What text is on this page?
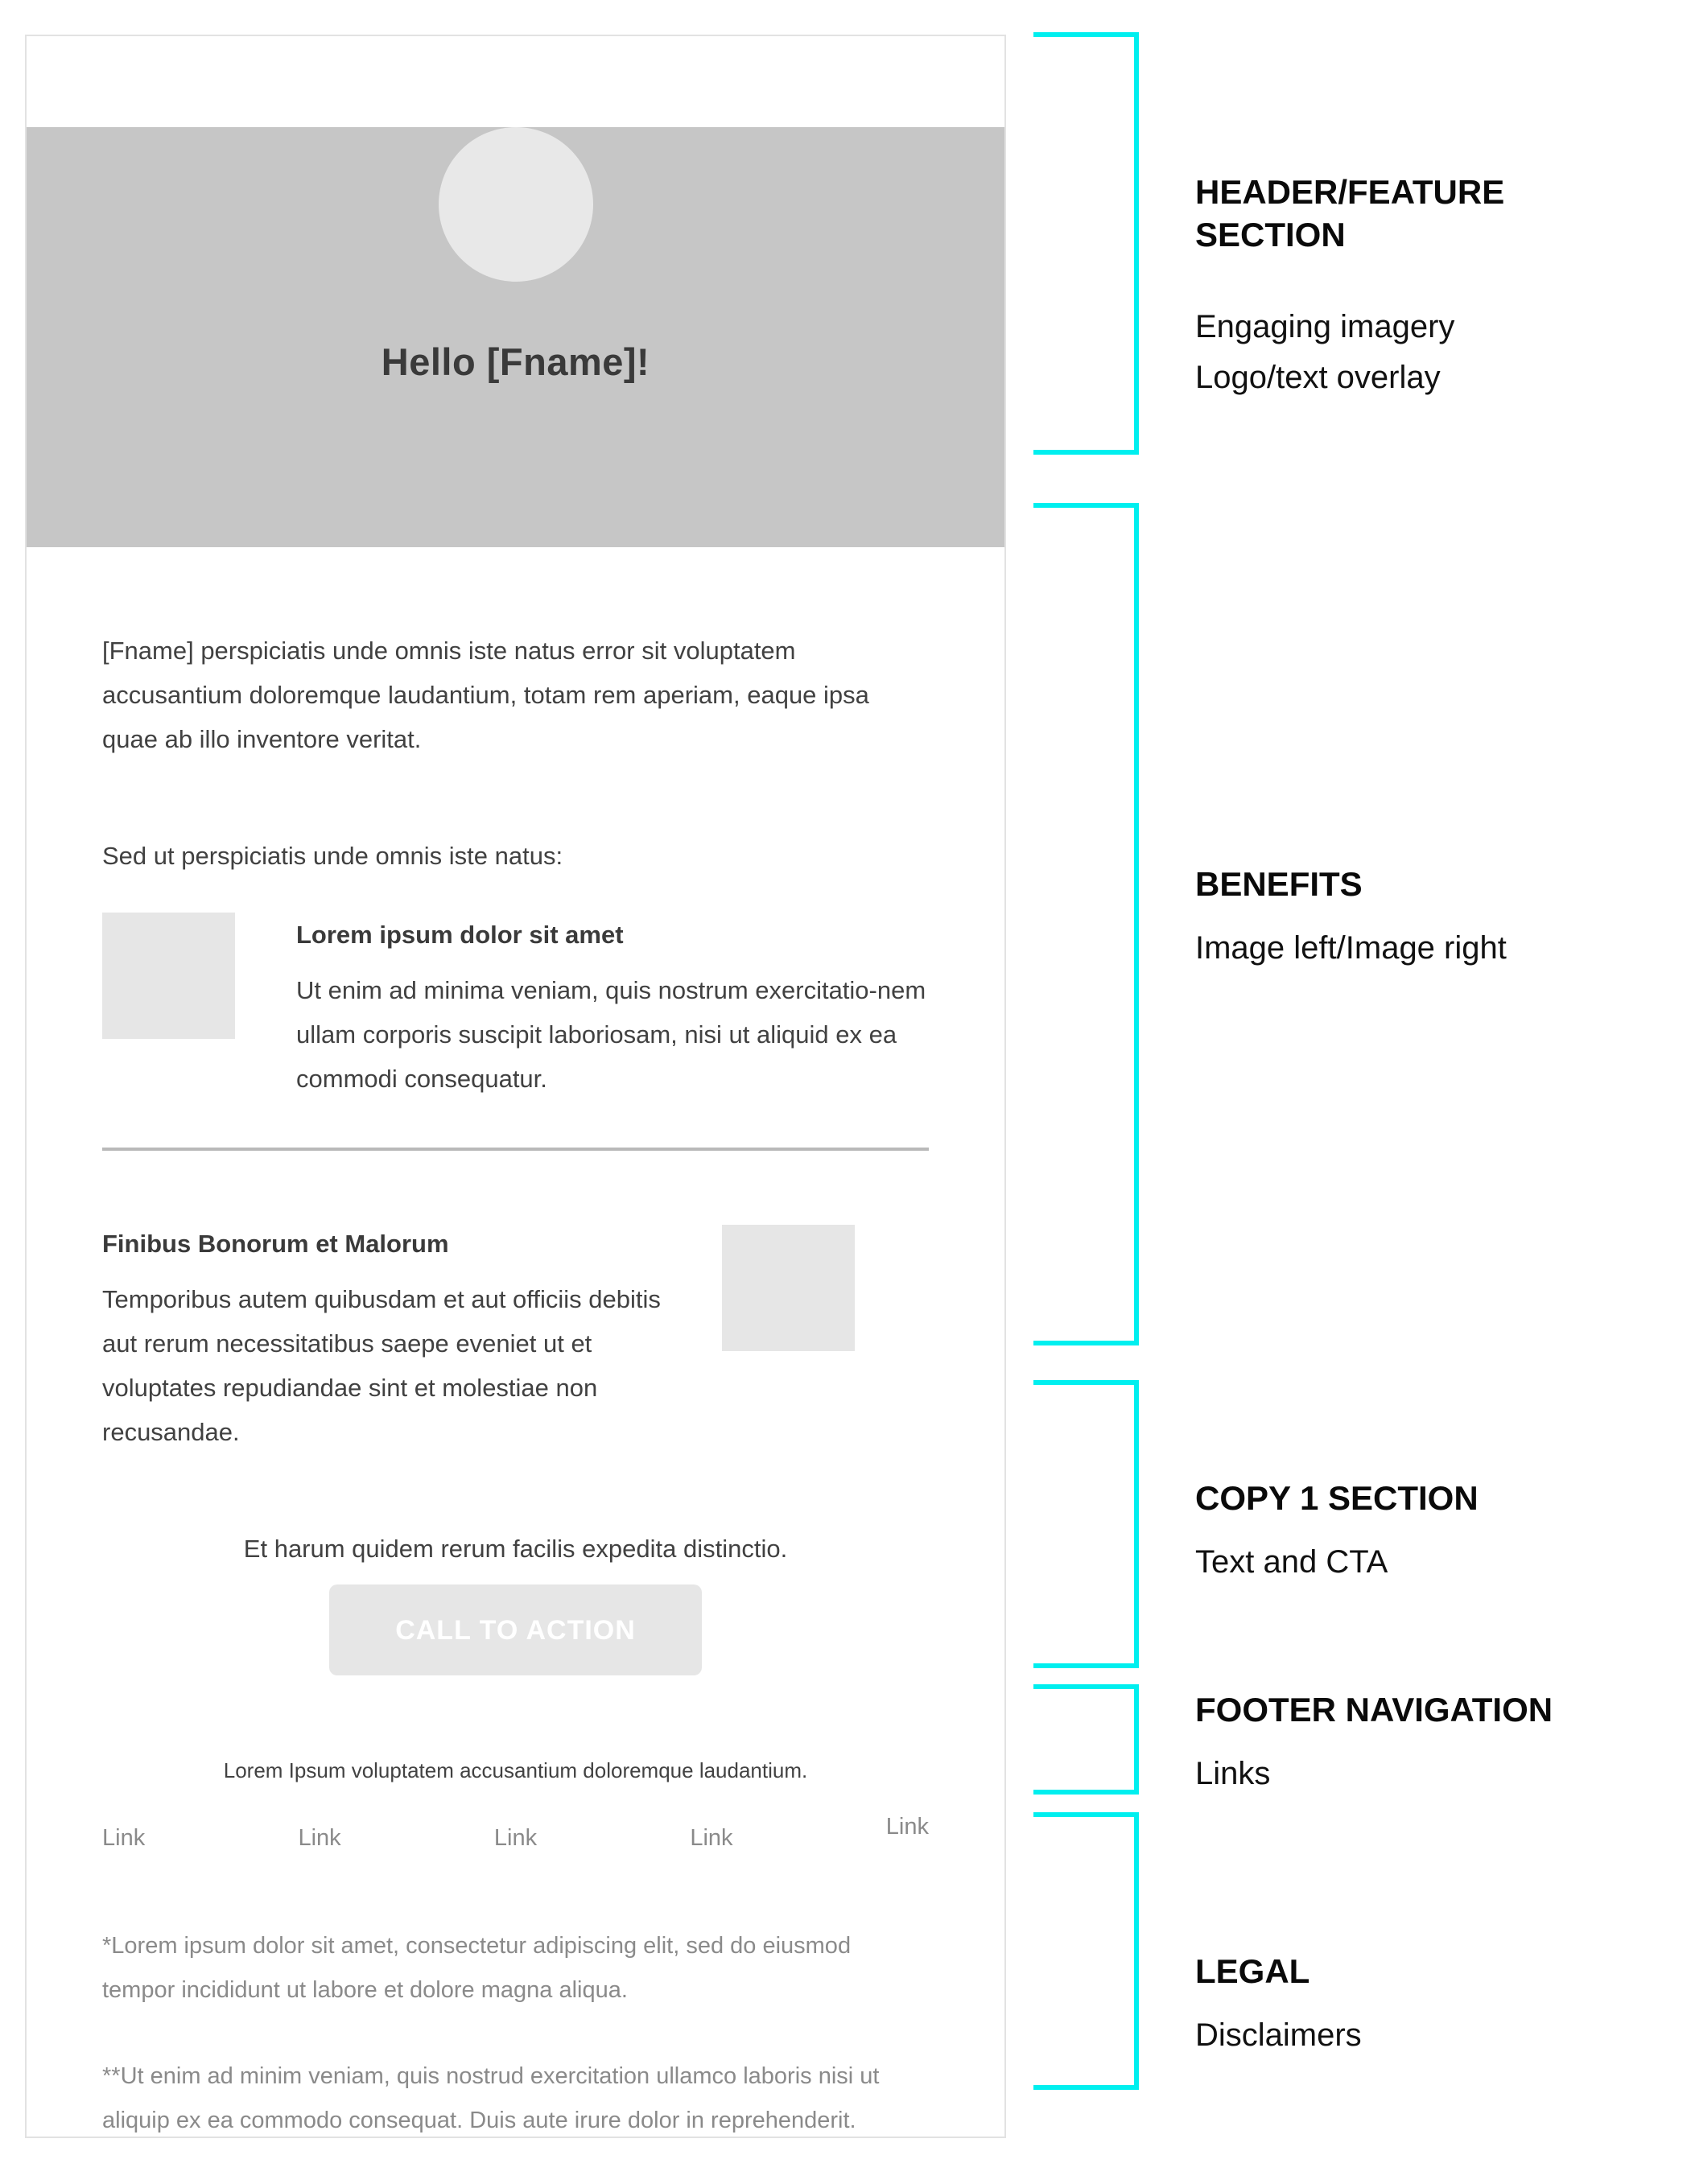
Hello [Fname]!
[Fname] perspiciatis unde omnis iste natus error sit voluptatem accusantium doloremque laudantium, totam rem aperiam, eaque ipsa quae ab illo inventore veritat.
Sed ut perspiciatis unde omnis iste natus:
Lorem ipsum dolor sit amet
Ut enim ad minima veniam, quis nostrum exercitatio-nem ullam corporis suscipit laboriosam, nisi ut aliquid ex ea commodi consequatur.
Finibus Bonorum et Malorum
Temporibus autem quibusdam et aut officiis debitis aut rerum necessitatibus saepe eveniet ut et voluptates repudiandae sint et molestiae non recusandae.
Et harum quidem rerum facilis expedita distinctio.
CALL TO ACTION
Lorem Ipsum voluptatem accusantium doloremque laudantium.
Link	Link	Link	Link	Link
*Lorem ipsum dolor sit amet, consectetur adipiscing elit, sed do eiusmod tempor incididunt ut labore et dolore magna aliqua.
**Ut enim ad minim veniam, quis nostrud exercitation ullamco laboris nisi ut aliquip ex ea commodo consequat. Duis aute irure dolor in reprehenderit.
HEADER/FEATURE SECTION
Engaging imagery
Logo/text overlay
BENEFITS
Image left/Image right
COPY 1 SECTION
Text and CTA
FOOTER NAVIGATION
Links
LEGAL
Disclaimers
